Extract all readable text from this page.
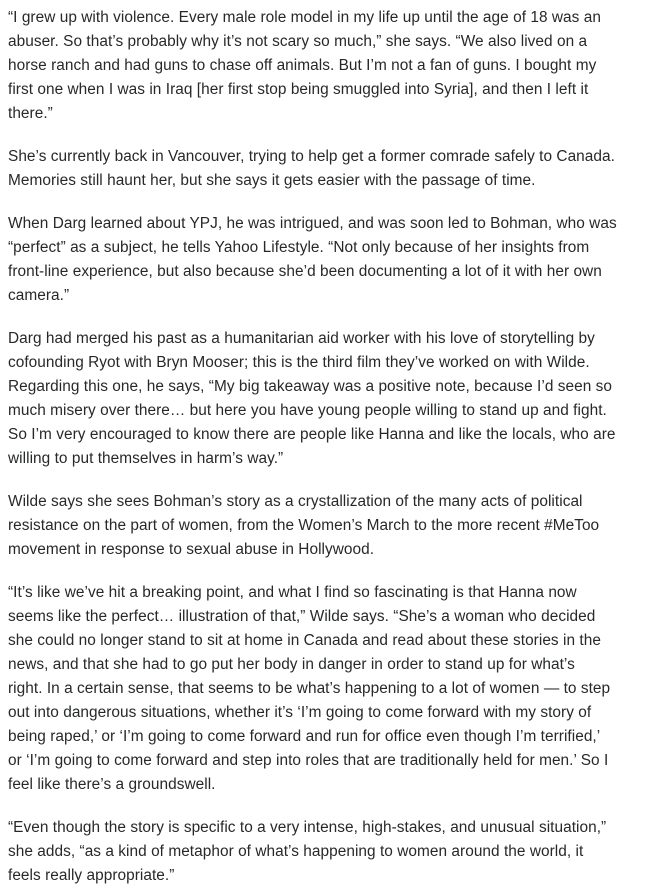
“I grew up with violence. Every male role model in my life up until the age of 18 was an
abuser. So that’s probably why it’s not scary so much,” she says. “We also lived on a
horse ranch and had guns to chase off animals. But I’m not a fan of guns. I bought my
first one when I was in Iraq [her first stop being smuggled into Syria], and then I left it
there.”

She’s currently back in Vancouver, trying to help get a former comrade safely to Canada.
Memories still haunt her, but she says it gets easier with the passage of time.

When Darg learned about YPJ, he was intrigued, and was soon led to Bohman, who was
“perfect” as a subject, he tells Yahoo Lifestyle. “Not only because of her insights from
front-line experience, but also because she’d been documenting a lot of it with her own
camera.”

Darg had merged his past as a humanitarian aid worker with his love of storytelling by
cofounding Ryot with Bryn Mooser; this is the third film they’ve worked on with Wilde.
Regarding this one, he says, “My big takeaway was a positive note, because I’d seen so
much misery over there… but here you have young people willing to stand up and fight.
So I’m very encouraged to know there are people like Hanna and like the locals, who are
willing to put themselves in harm’s way.”

Wilde says she sees Bohman’s story as a crystallization of the many acts of political
resistance on the part of women, from the Women’s March to the more recent #MeToo
movement in response to sexual abuse in Hollywood.

“It’s like we’ve hit a breaking point, and what I find so fascinating is that Hanna now
seems like the perfect… illustration of that,” Wilde says. “She’s a woman who decided
she could no longer stand to sit at home in Canada and read about these stories in the
news, and that she had to go put her body in danger in order to stand up for what’s
right. In a certain sense, that seems to be what’s happening to a lot of women — to step
out into dangerous situations, whether it’s ‘I’m going to come forward with my story of
being raped,’ or ‘I’m going to come forward and run for office even though I’m terrified,’
or ‘I’m going to come forward and step into roles that are traditionally held for men.’ So I
feel like there’s a groundswell.

“Even though the story is specific to a very intense, high-stakes, and unusual situation,”
she adds, “as a kind of metaphor of what’s happening to women around the world, it
feels really appropriate.”
